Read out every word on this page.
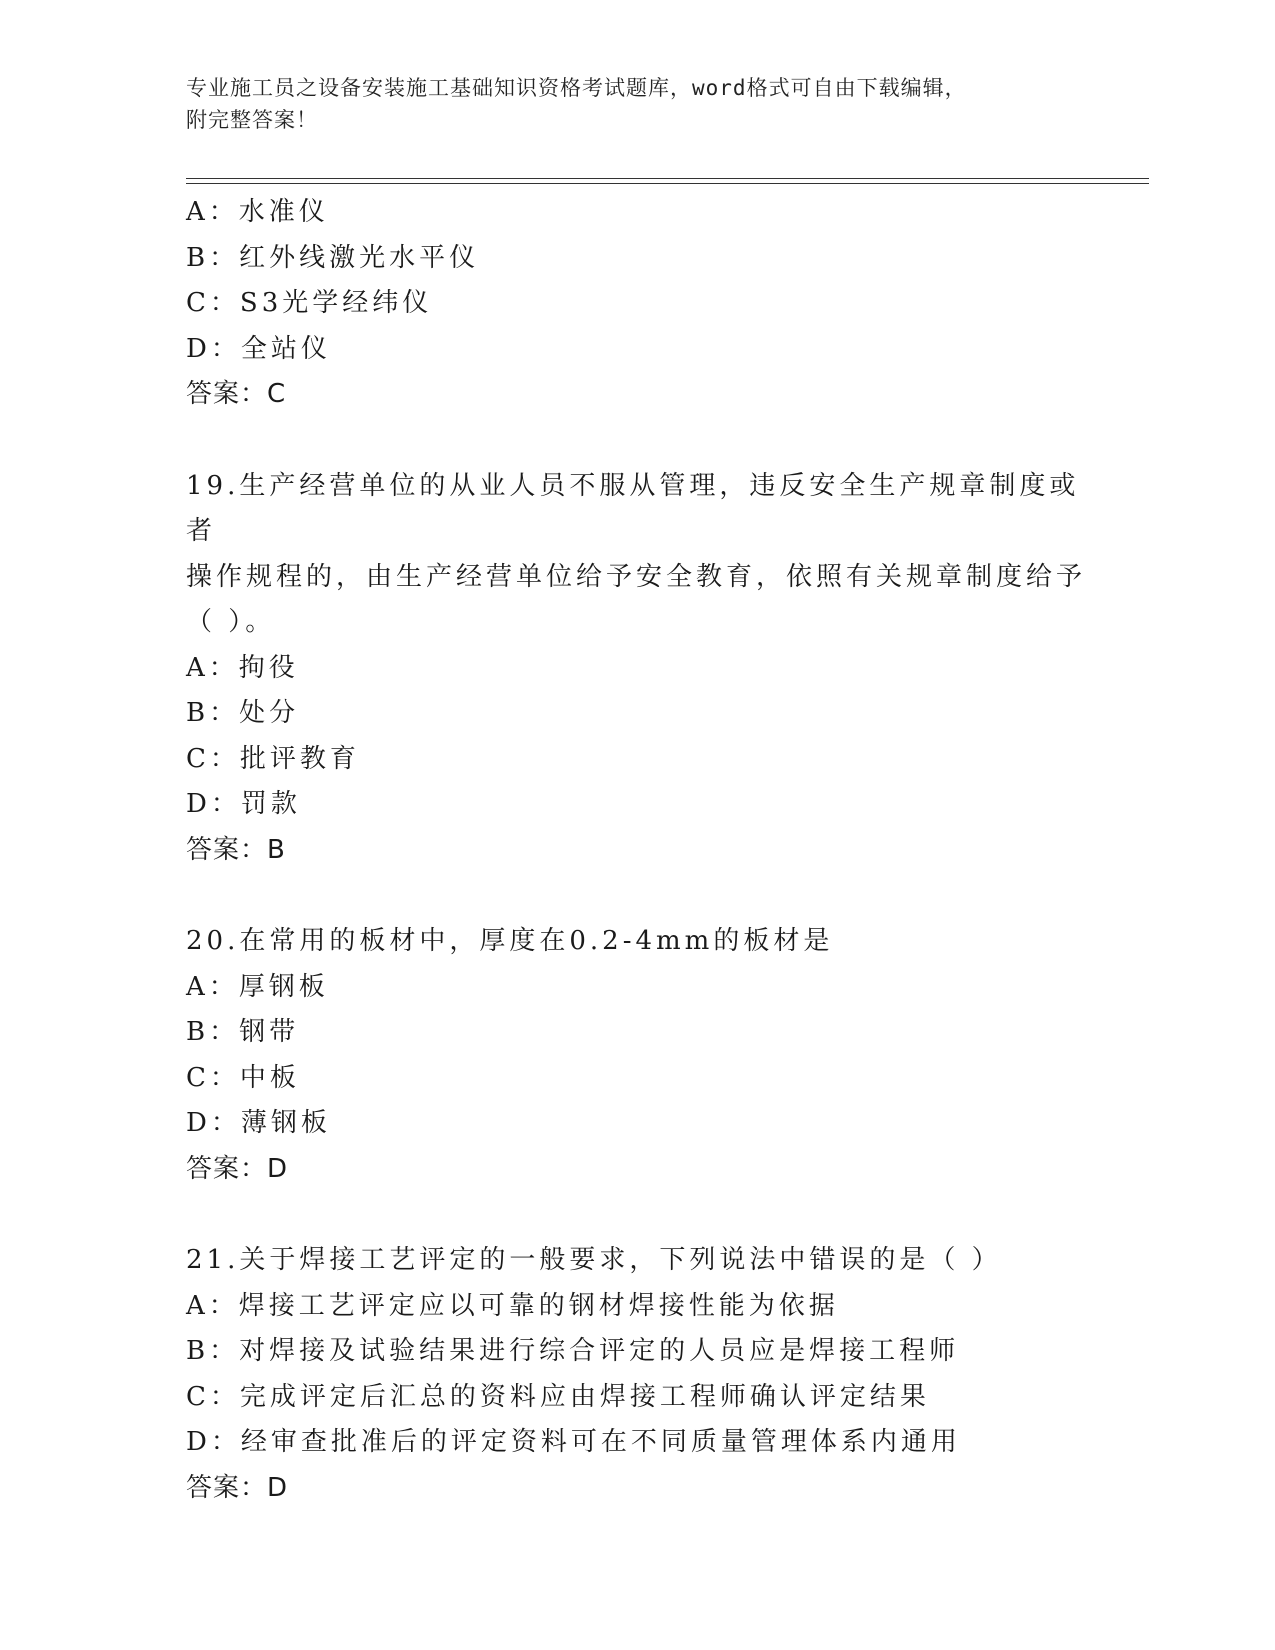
专业施工员之设备安装施工基础知识资格考试题库，word格式可自由下载编辑，
附完整答案！
A：水准仪
B：红外线激光水平仪
C：S3光学经纬仪
D：全站仪
答案：C
19.生产经营单位的从业人员不服从管理，违反安全生产规章制度或者
操作规程的，由生产经营单位给予安全教育，依照有关规章制度给予
（ ）。
A：拘役
B：处分
C：批评教育
D：罚款
答案：B
20.在常用的板材中，厚度在0.2-4mm的板材是
A：厚钢板
B：钢带
C：中板
D：薄钢板
答案：D
21.关于焊接工艺评定的一般要求，下列说法中错误的是（ ）
A：焊接工艺评定应以可靠的钢材焊接性能为依据
B：对焊接及试验结果进行综合评定的人员应是焊接工程师
C：完成评定后汇总的资料应由焊接工程师确认评定结果
D：经审查批准后的评定资料可在不同质量管理体系内通用
答案：D
